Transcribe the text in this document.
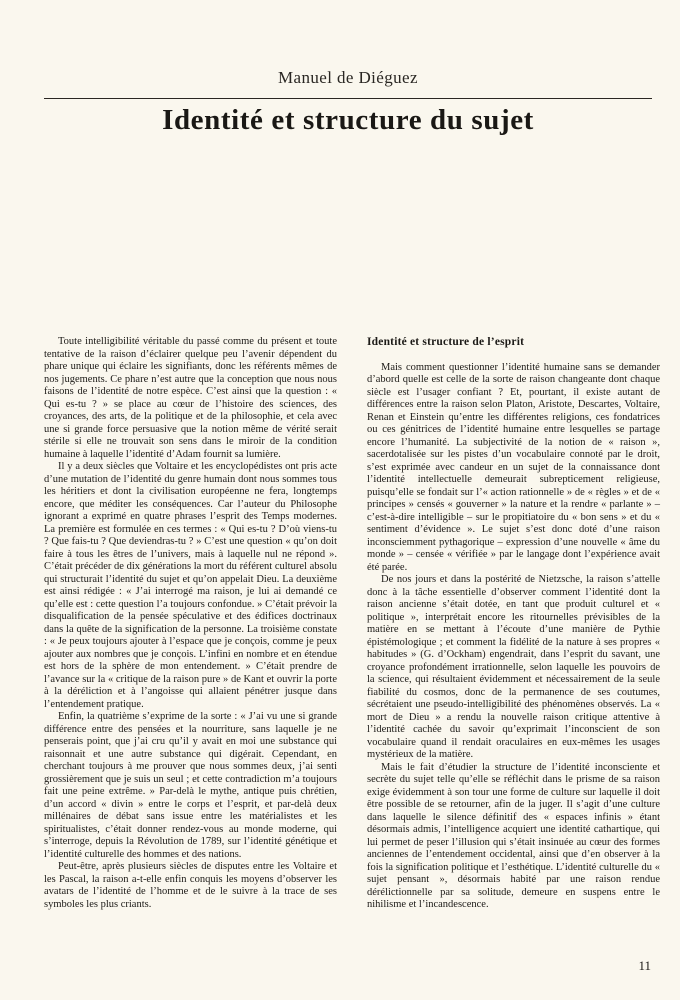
Manuel de Diéguez
Identité et structure du sujet

Toute intelligibilité véritable du passé comme du présent et toute tentative de la raison d’éclairer quelque peu l’avenir dépendent du phare unique qui éclaire les signifiants, donc les référents mêmes de nos jugements. Ce phare n’est autre que la conception que nous nous faisons de l’identité de notre espèce. C’est ainsi que la question : « Qui es-tu ? » se place au cœur de l’histoire des sciences, des croyances, des arts, de la politique et de la philosophie, et cela avec une si grande force persuasive que la notion même de vérité serait stérile si elle ne trouvait son sens dans le miroir de la condition humaine à laquelle l’identité d’Adam fournit sa lumière.

Il y a deux siècles que Voltaire et les encyclopédistes ont pris acte d’une mutation de l’identité du genre humain dont nous sommes tous les héritiers et dont la civilisation européenne ne fera, longtemps encore, que méditer les conséquences. Car l’auteur du Philosophe ignorant a exprimé en quatre phrases l’esprit des Temps modernes. La première est formulée en ces termes : « Qui es-tu ? D’où viens-tu ? Que fais-tu ? Que deviendras-tu ? » C’est une question « qu’on doit faire à tous les êtres de l’univers, mais à laquelle nul ne répond ». C’était précéder de dix générations la mort du référent culturel absolu qui structurait l’identité du sujet et qu’on appelait Dieu. La deuxième est ainsi rédigée : « J’ai interrogé ma raison, je lui ai demandé ce qu’elle est : cette question l’a toujours confondue. » C’était prévoir la disqualification de la pensée spéculative et des édifices doctrinaux dans la quête de la signification de la personne. La troisième constate : « Je peux toujours ajouter à l’espace que je conçois, comme je peux ajouter aux nombres que je conçois. L’infini en nombre et en étendue est hors de la sphère de mon entendement. » C’était prendre de l’avance sur la « critique de la raison pure » de Kant et ouvrir la porte à la déréliction et à l’angoisse qui allaient pénétrer jusque dans l’entendement pratique.

Enfin, la quatrième s’exprime de la sorte : « J’ai vu une si grande différence entre des pensées et la nourriture, sans laquelle je ne penserais point, que j’ai cru qu’il y avait en moi une substance qui raisonnait et une autre substance qui digérait. Cependant, en cherchant toujours à me prouver que nous sommes deux, j’ai senti grossièrement que je suis un seul ; et cette contradiction m’a toujours fait une peine extrême. » Par-delà le mythe, antique puis chrétien, d’un accord « divin » entre le corps et l’esprit, et par-delà deux millénaires de débat sans issue entre les matérialistes et les spiritualistes, c’était donner rendez-vous au monde moderne, qui s’interroge, depuis la Révolution de 1789, sur l’identité génétique et l’identité culturelle des hommes et des nations.

Peut-être, après plusieurs siècles de disputes entre les Voltaire et les Pascal, la raison a-t-elle enfin conquis les moyens d’observer les avatars de l’identité de l’homme et de le suivre à la trace de ses symboles les plus criants.

Identité et structure de l’esprit

Mais comment questionner l’identité humaine sans se demander d’abord quelle est celle de la sorte de raison changeante dont chaque siècle est l’usager confiant ? Et, pourtant, il existe autant de différences entre la raison selon Platon, Aristote, Descartes, Voltaire, Renan et Einstein qu’entre les différentes religions, ces fondatrices ou ces génitrices de l’identité humaine entre lesquelles se partage encore l’humanité. La subjectivité de la notion de « raison », sacerdotalisée sur les pistes d’un vocabulaire connoté par le droit, s’est exprimée avec candeur en un sujet de la connaissance dont l’identité intellectuelle demeurait subrepticement religieuse, puisqu’elle se fondait sur l’« action rationnelle » de « règles » et de « principes » censés « gouverner » la nature et la rendre « parlante » – c’est-à-dire intelligible – sur le propitiatoire du « bon sens » et du « sentiment d’évidence ». Le sujet s’est donc doté d’une raison inconsciemment pythagorique – expression d’une nouvelle « âme du monde » – censée « vérifiée » par le langage dont l’expérience avait été parée.

De nos jours et dans la postérité de Nietzsche, la raison s’attelle donc à la tâche essentielle d’observer comment l’identité dont la raison ancienne s’était dotée, en tant que produit culturel et « politique », interprétait encore les ritournelles prévisibles de la matière en se mettant à l’écoute d’une manière de Pythie épistémologique ; et comment la fidélité de la nature à ses propres « habitudes » (G. d’Ockham) engendrait, dans l’esprit du savant, une croyance profondément irrationnelle, selon laquelle les pouvoirs de la science, qui résultaient évidemment et nécessairement de la seule fiabilité du cosmos, donc de la permanence de ses coutumes, sécrétaient une pseudo-intelligibilité des phénomènes observés. La « mort de Dieu » a rendu la nouvelle raison critique attentive à l’identité cachée du savoir qu’exprimait l’inconscient de son vocabulaire quand il rendait oraculaires en eux-mêmes les usages mystérieux de la matière.

Mais le fait d’étudier la structure de l’identité inconsciente et secrète du sujet telle qu’elle se réfléchit dans le prisme de sa raison exige évidemment à son tour une forme de culture sur laquelle il doit être possible de se retourner, afin de la juger. Il s’agit d’une culture dans laquelle le silence définitif des « espaces infinis » étant désormais admis, l’intelligence acquiert une identité cathartique, qui lui permet de peser l’illusion qui s’était insinuée au cœur des formes anciennes de l’entendement occidental, ainsi que d’en observer à la fois la signification politique et l’esthétique. L’identité culturelle du « sujet pensant », désormais habité par une raison rendue dérélictionnelle par sa solitude, demeure en suspens entre le nihilisme et l’incandescence.

11
